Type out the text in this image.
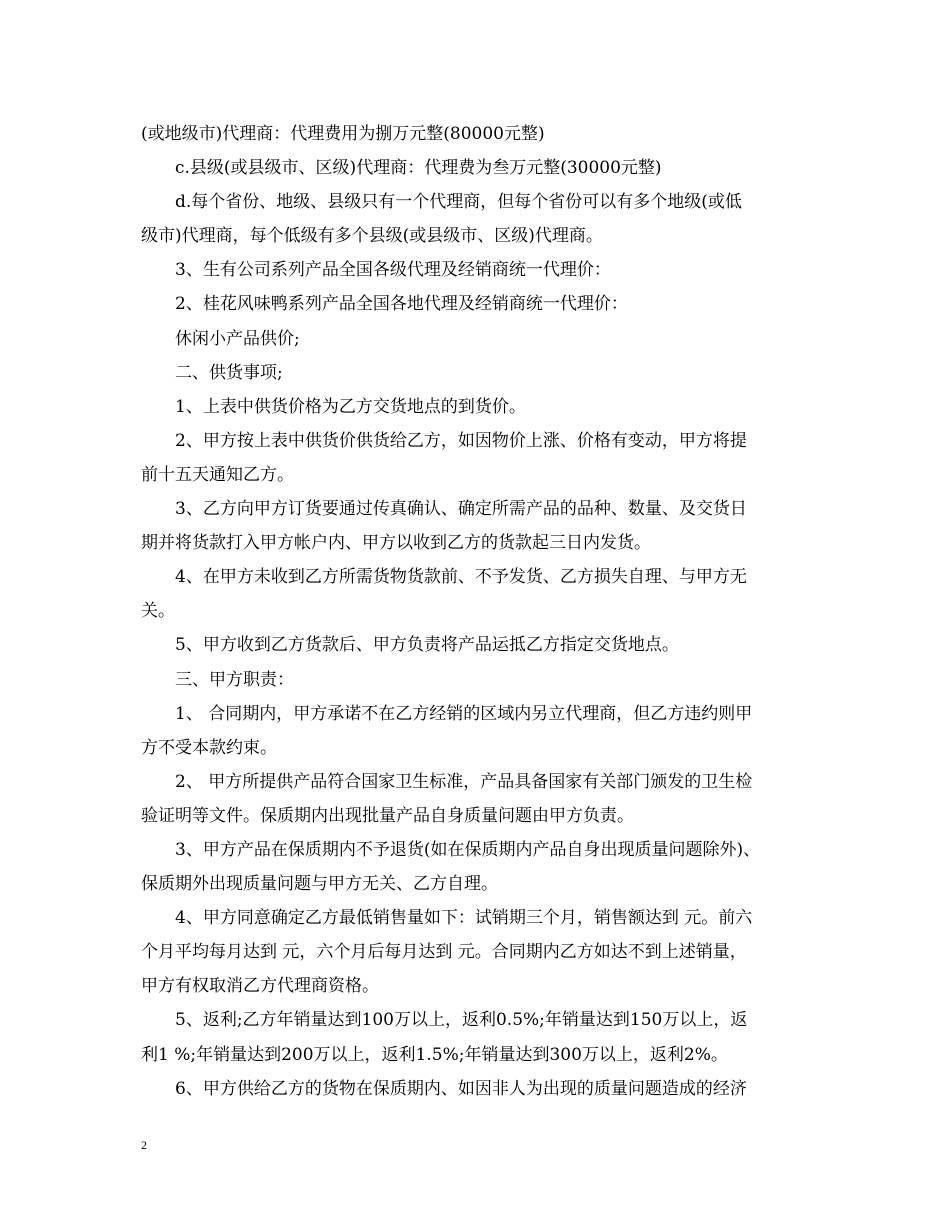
(或地级市)代理商：代理费用为捌万元整(80000元整)
c.县级(或县级市、区级)代理商：代理费为叁万元整(30000元整)
d.每个省份、地级、县级只有一个代理商，但每个省份可以有多个地级(或低
级市)代理商，每个低级有多个县级(或县级市、区级)代理商。
3、生有公司系列产品全国各级代理及经销商统一代理价：
2、桂花风味鸭系列产品全国各地代理及经销商统一代理价：
休闲小产品供价;
二、供货事项;
1、上表中供货价格为乙方交货地点的到货价。
2、甲方按上表中供货价供货给乙方，如因物价上涨、价格有变动，甲方将提
前十五天通知乙方。
3、乙方向甲方订货要通过传真确认、确定所需产品的品种、数量、及交货日
期并将货款打入甲方帐户内、甲方以收到乙方的货款起三日内发货。
4、在甲方未收到乙方所需货物货款前、不予发货、乙方损失自理、与甲方无
关。
5、甲方收到乙方货款后、甲方负责将产品运抵乙方指定交货地点。
三、甲方职责：
1、 合同期内，甲方承诺不在乙方经销的区域内另立代理商，但乙方违约则甲
方不受本款约束。
2、 甲方所提供产品符合国家卫生标准，产品具备国家有关部门颁发的卫生检
验证明等文件。保质期内出现批量产品自身质量问题由甲方负责。
3、甲方产品在保质期内不予退货(如在保质期内产品自身出现质量问题除外)、
保质期外出现质量问题与甲方无关、乙方自理。
4、甲方同意确定乙方最低销售量如下：试销期三个月，销售额达到 元。前六
个月平均每月达到 元，六个月后每月达到 元。合同期内乙方如达不到上述销量，
甲方有权取消乙方代理商资格。
5、返利;乙方年销量达到100万以上，返利0.5%;年销量达到150万以上，返
利1 %;年销量达到200万以上，返利1.5%;年销量达到300万以上，返利2%。
6、甲方供给乙方的货物在保质期内、如因非人为出现的质量问题造成的经济
2
